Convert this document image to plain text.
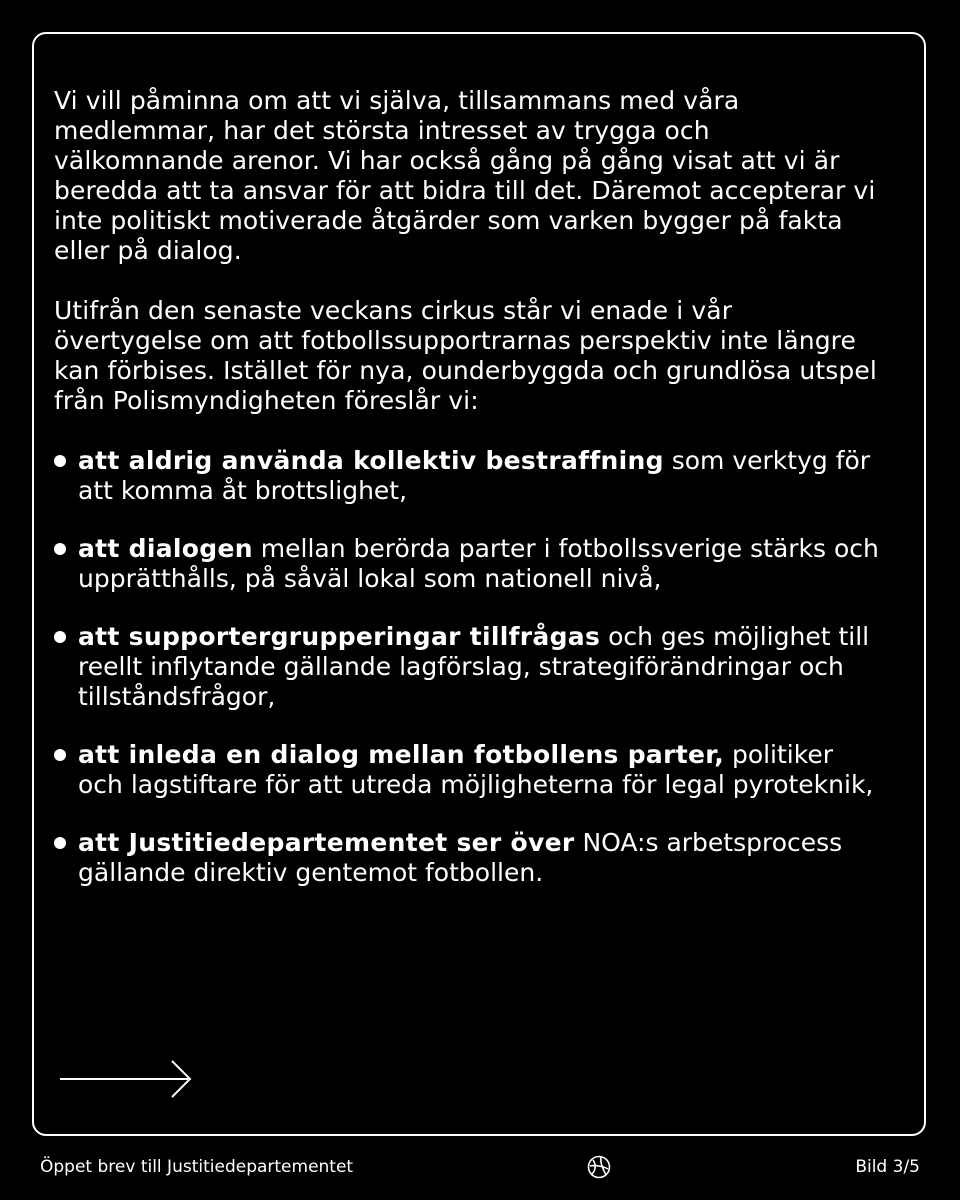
Vi vill påminna om att vi själva, tillsammans med våra medlemmar, har det största intresset av trygga och välkomnande arenor. Vi har också gång på gång visat att vi är beredda att ta ansvar för att bidra till det. Däremot accepterar vi inte politiskt motiverade åtgärder som varken bygger på fakta eller på dialog.

Utifrån den senaste veckans cirkus står vi enade i vår övertygelse om att fotbollssupportrarnas perspektiv inte längre kan förbises. Istället för nya, ounderbyggda och grundlösa utspel från Polismyndigheten föreslår vi:

att aldrig använda kollektiv bestraffning som verktyg för att komma åt brottslighet,
att dialogen mellan berörda parter i fotbollssverige stärks och upprätthålls, på såväl lokal som nationell nivå,
att supportergrupperingar tillfrågas och ges möjlighet till reellt inflytande gällande lagförslag, strategiförändringar och tillståndsfrågor,
att inleda en dialog mellan fotbollens parter, politiker och lagstiftare för att utreda möjligheterna för legal pyroteknik,
att Justitiedepartementet ser över NOA:s arbetsprocess gällande direktiv gentemot fotbollen.
Öppet brev till Justitiedepartementet	Bild 3/5
